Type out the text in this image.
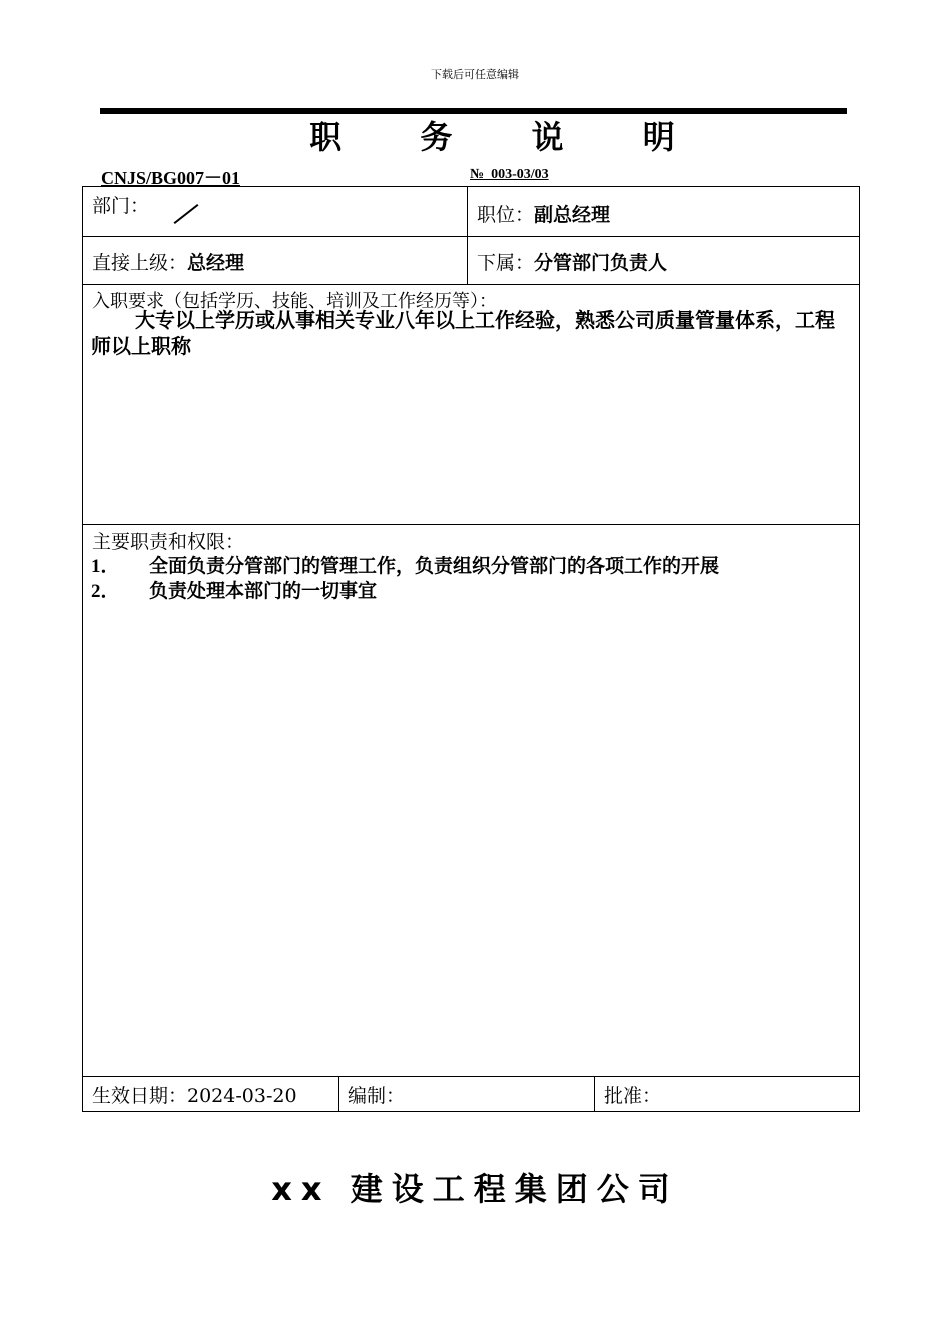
下载后可任意编辑
职 务 说 明
CNJS/BG007－01	№_003-03/03
部门：	职位：副总经理
直接上级：总经理	下属：分管部门负责人
入职要求（包括学历、技能、培训及工作经历等）：
大专以上学历或从事相关专业八年以上工作经验，熟悉公司质量管量体系，工程师以上职称
主要职责和权限：
1． 全面负责分管部门的管理工作，负责组织分管部门的各项工作的开展
2． 负责处理本部门的一切事宜
生效日期：2024-03-20	编制：	批准：
xx 建设工程集团公司
